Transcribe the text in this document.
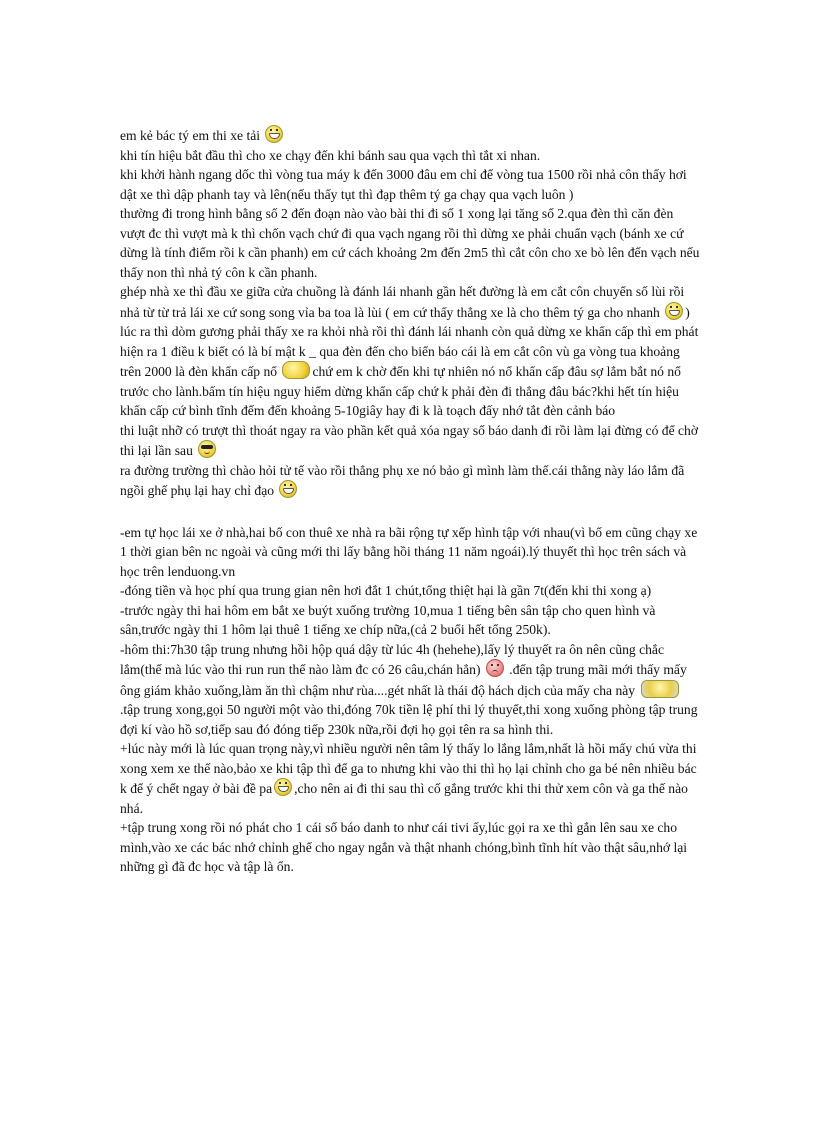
em kẻ bác tý em thi xe tải

khi tín hiệu bắt đầu thì cho xe chạy đến khi bánh sau qua vạch thì tắt xi nhan.

khi khởi hành ngang dốc thì vòng tua máy k đến 3000 đâu em chỉ để vòng tua 1500 rồi nhả côn thấy hơi dật xe thì dập phanh tay và lên(nếu thấy tụt thì đạp thêm tý ga chạy qua vạch luôn )

thường đi trong hình bằng số 2 đến đoạn nào vào bài thi đi số 1 xong lại tăng số 2.qua đèn thì căn đèn vượt đc thì vượt mà k thì chốn vạch chứ đi qua vạch ngang rồi thì dừng xe phải chuẩn vạch (bánh xe cứ dừng là tính điểm rồi k cần phanh) em cứ cách khoảng 2m đến 2m5 thì cắt côn cho xe bò lên đến vạch nếu thấy non thì nhả tý côn k cần phanh.

ghép nhà xe thì đầu xe giữa cửa chuồng là đánh lái nhanh gần hết đường là em cắt côn chuyển số lùi rồi nhả từ từ trả lái xe cứ song song vỉa ba toa là lùi ( em cứ thấy thẳng xe là cho thêm tý ga cho nhanh ) lúc ra thì dòm gương phải thấy xe ra khỏi nhà rồi thì đánh lái nhanh còn quả dừng xe khẩn cấp thì em phát hiện ra 1 điều k biết có là bí mật k _ qua đèn đến cho biển báo cái là em cắt côn vù ga vòng tua khoảng trên 2000 là đèn khẩn cấp nổ	chứ em k chờ đến khi tự nhiên nó nổ khẩn cấp đâu sợ lắm bắt nó nổ trước cho lành.bấm tín hiệu nguy hiểm dừng khẩn cấp chứ k phải đèn đi thẳng đâu bác?khi hết tín hiệu khẩn cấp cứ bình tĩnh đếm đến khoảng 5-10giây hay đi k là toạch đấy nhớ tắt đèn cảnh báo

thi luật nhỡ có trượt thì thoát ngay ra vào phần kết quả xóa ngay số báo danh đi rồi làm lại đừng có để chờ thi lại lần sau

ra đường trường thì chào hỏi tử tế vào rồi thẳng phụ xe nó bảo gì mình làm thế.cái thằng này láo lắm đã ngồi ghế phụ lại hay chỉ đạo

-em tự học lái xe ở nhà,hai bố con thuê xe nhà ra bãi rộng tự xếp hình tập với nhau(vì bố em cũng chạy xe 1 thời gian bên nc ngoài và cũng mới thi lấy bằng hồi tháng 11 năm ngoái).lý thuyết thì học trên sách và học trên lenduong.vn

-đóng tiền và học phí qua trung gian nên hơi đắt 1 chút,tổng thiệt hại là gần 7t(đến khi thi xong ạ)

-trước ngày thi hai hôm em bắt xe buýt xuống trường 10,mua 1 tiếng bên sân tập cho quen hình và sân,trước ngày thi 1 hôm lại thuê 1 tiếng xe chíp nữa,(cả 2 buổi hết tổng 250k).

-hôm thi:7h30 tập trung nhưng hồi hộp quá dậy từ lúc 4h (hehehe),lấy lý thuyết ra ôn nên cũng chắc lắm(thế mà lúc vào thi run run thế nào làm đc có 26 câu,chán hẳn) .đến tập trung mãi mới thấy mấy ông giám khảo xuống,làm ăn thì chậm như rùa....gét nhất là thái độ hách dịch của mấy cha này .tập trung xong,gọi 50 người một vào thi,đóng 70k tiền lệ phí thi lý thuyết,thi xong xuống phòng tập trung đợi kí vào hồ sơ,tiếp sau đó đóng tiếp 230k nữa,rồi đợi họ gọi tên ra sa hình thi.

+lúc này mới là lúc quan trọng này,vì nhiều người nên tâm lý thấy lo lắng lắm,nhất là hồi mấy chú vừa thi xong xem xe thế nào,bảo xe khi tập thì để ga to nhưng khi vào thi thì họ lại chỉnh cho ga bé nên nhiều bác k để ý chết ngay ở bài đề pa ,cho nên ai đi thi sau thì cố gắng trước khi thi thử xem côn và ga thế nào nhá.

+tập trung xong rồi nó phát cho 1 cái số báo danh to như cái tivi ấy,lúc gọi ra xe thì gắn lên sau xe cho mình,vào xe các bác nhớ chỉnh ghế cho ngay ngắn và thật nhanh chóng,bình tĩnh hít vào thật sâu,nhớ lại những gì đã đc học và tập là ổn.
